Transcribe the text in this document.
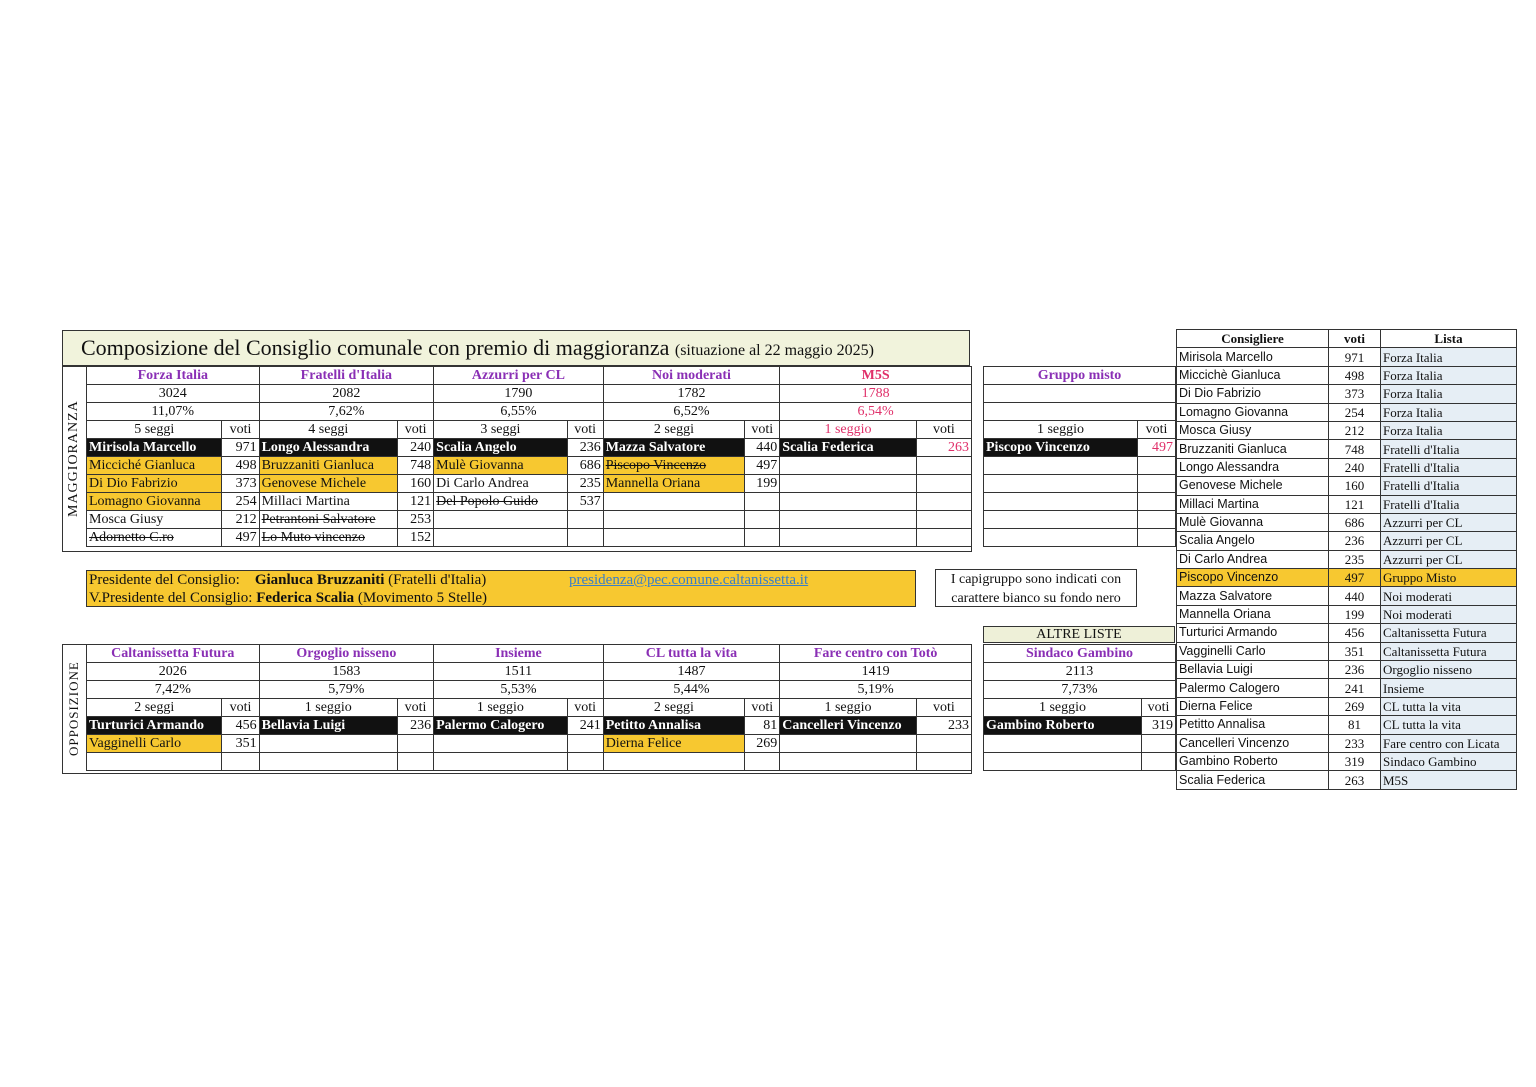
Composizione del Consiglio comunale con premio di maggioranza (situazione al 22 maggio 2025)
MAGGIORANZA
Forza Italia		Fratelli d'Italia		Azzurri per CL		Noi moderati		M5S	
3024		2082		1790		1782		1788	
11,07%		7,62%		6,55%		6,52%		6,54%	
5 seggi	voti	4 seggi	voti	3 seggi	voti	2 seggi	voti	1 seggio	voti
Mirisola Marcello	971	Longo Alessandra	240	Scalia Angelo	236	Mazza Salvatore	440	Scalia Federica	263
Micciché Gianluca	498	Bruzzaniti Gianluca	748	Mulè Giovanna	686	Piscopo Vincenzo	497		
Di Dio Fabrizio	373	Genovese Michele	160	Di Carlo Andrea	235	Mannella Oriana	199		
Lomagno Giovanna	254	Millaci Martina	121	Del Popolo Guido	537				
Mosca Giusy	212	Petrantoni Salvatore	253						
Adornetto C.ro	497	Lo Muto vincenzo	152						
Gruppo misto	

1 seggio	voti
Piscopo Vincenzo	497

Presidente del Consiglio: Gianluca Bruzzaniti (Fratelli d'Italia)	presidenza@pec.comune.caltanissetta.it
V.Presidente del Consiglio: Federica Scalia (Movimento 5 Stelle)
I capigruppo sono indicati con carattere bianco su fondo nero
ALTRE LISTE
OPPOSIZIONE
Caltanissetta Futura		Orgoglio nisseno		Insieme		CL tutta la vita		Fare centro con Totò	
2026		1583		1511		1487		1419	
7,42%		5,79%		5,53%		5,44%		5,19%	
2 seggi	voti	1 seggio	voti	1 seggio	voti	2 seggi	voti	1 seggio	voti
Turturici Armando	456	Bellavia Luigi	236	Palermo Calogero	241	Petitto Annalisa	81	Cancelleri Vincenzo	233
Vagginelli Carlo	351					Dierna Felice	269		

Sindaco Gambino	
2113	
7,73%	
1 seggio	voti
Gambino Roberto	319

Consigliere	voti	Lista
Mirisola Marcello	971	Forza Italia
Miccichè Gianluca	498	Forza Italia
Di Dio Fabrizio	373	Forza Italia
Lomagno Giovanna	254	Forza Italia
Mosca Giusy	212	Forza Italia
Bruzzaniti Gianluca	748	Fratelli d'Italia
Longo Alessandra	240	Fratelli d'Italia
Genovese Michele	160	Fratelli d'Italia
Millaci Martina	121	Fratelli d'Italia
Mulè Giovanna	686	Azzurri per CL
Scalia Angelo	236	Azzurri per CL
Di Carlo Andrea	235	Azzurri per CL
Piscopo Vincenzo	497	Gruppo Misto
Mazza Salvatore	440	Noi moderati
Mannella Oriana	199	Noi moderati
Turturici Armando	456	Caltanissetta Futura
Vagginelli Carlo	351	Caltanissetta Futura
Bellavia Luigi	236	Orgoglio nisseno
Palermo Calogero	241	Insieme
Dierna Felice	269	CL tutta la vita
Petitto Annalisa	81	CL tutta la vita
Cancelleri Vincenzo	233	Fare centro con Licata
Gambino Roberto	319	Sindaco Gambino
Scalia Federica	263	M5S
